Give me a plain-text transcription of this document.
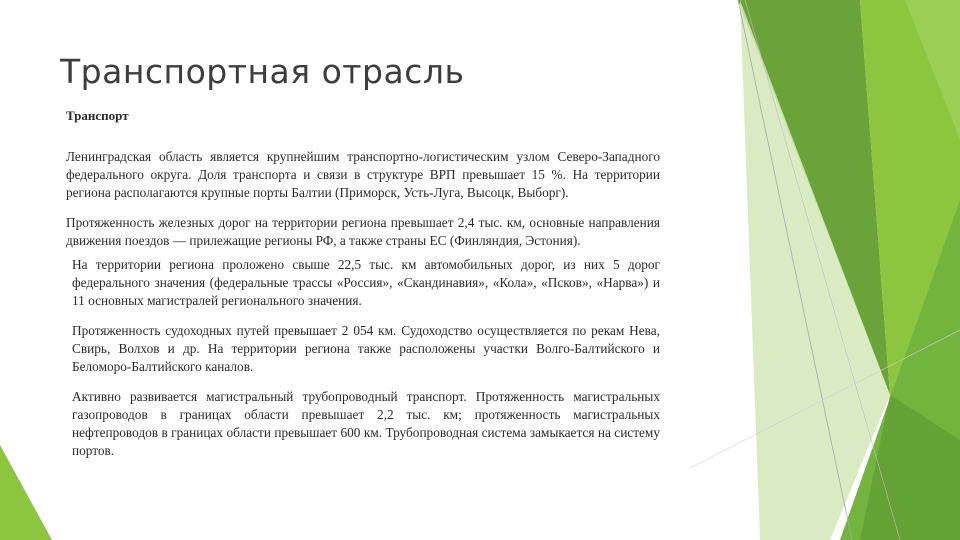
Транспортная отрасль
Транспорт

Ленинградская область является крупнейшим транспортно-логистическим узлом Северо-Западного федерального округа. Доля транспорта и связи в структуре ВРП превышает 15 %. На территории региона располагаются крупные порты Балтии (Приморск, Усть-Луга, Высоцк, Выборг).

Протяженность железных дорог на территории региона превышает 2,4 тыс. км, основные направления движения поездов — прилежащие регионы РФ, а также страны ЕС (Финляндия, Эстония).

На территории региона проложено свыше 22,5 тыс. км автомобильных дорог, из них 5 дорог федерального значения (федеральные трассы «Россия», «Скандинавия», «Кола», «Псков», «Нарва») и 11 основных магистралей регионального значения.

Протяженность судоходных путей превышает 2 054 км. Судоходство осуществляется по рекам Нева, Свирь, Волхов и др. На территории региона также расположены участки Волго-Балтийского и Беломоро-Балтийского каналов.

Активно развивается магистральный трубопроводный транспорт. Протяженность магистральных газопроводов в границах области превышает 2,2 тыс. км; протяженность магистральных нефтепроводов в границах области превышает 600 км. Трубопроводная система замыкается на систему портов.
